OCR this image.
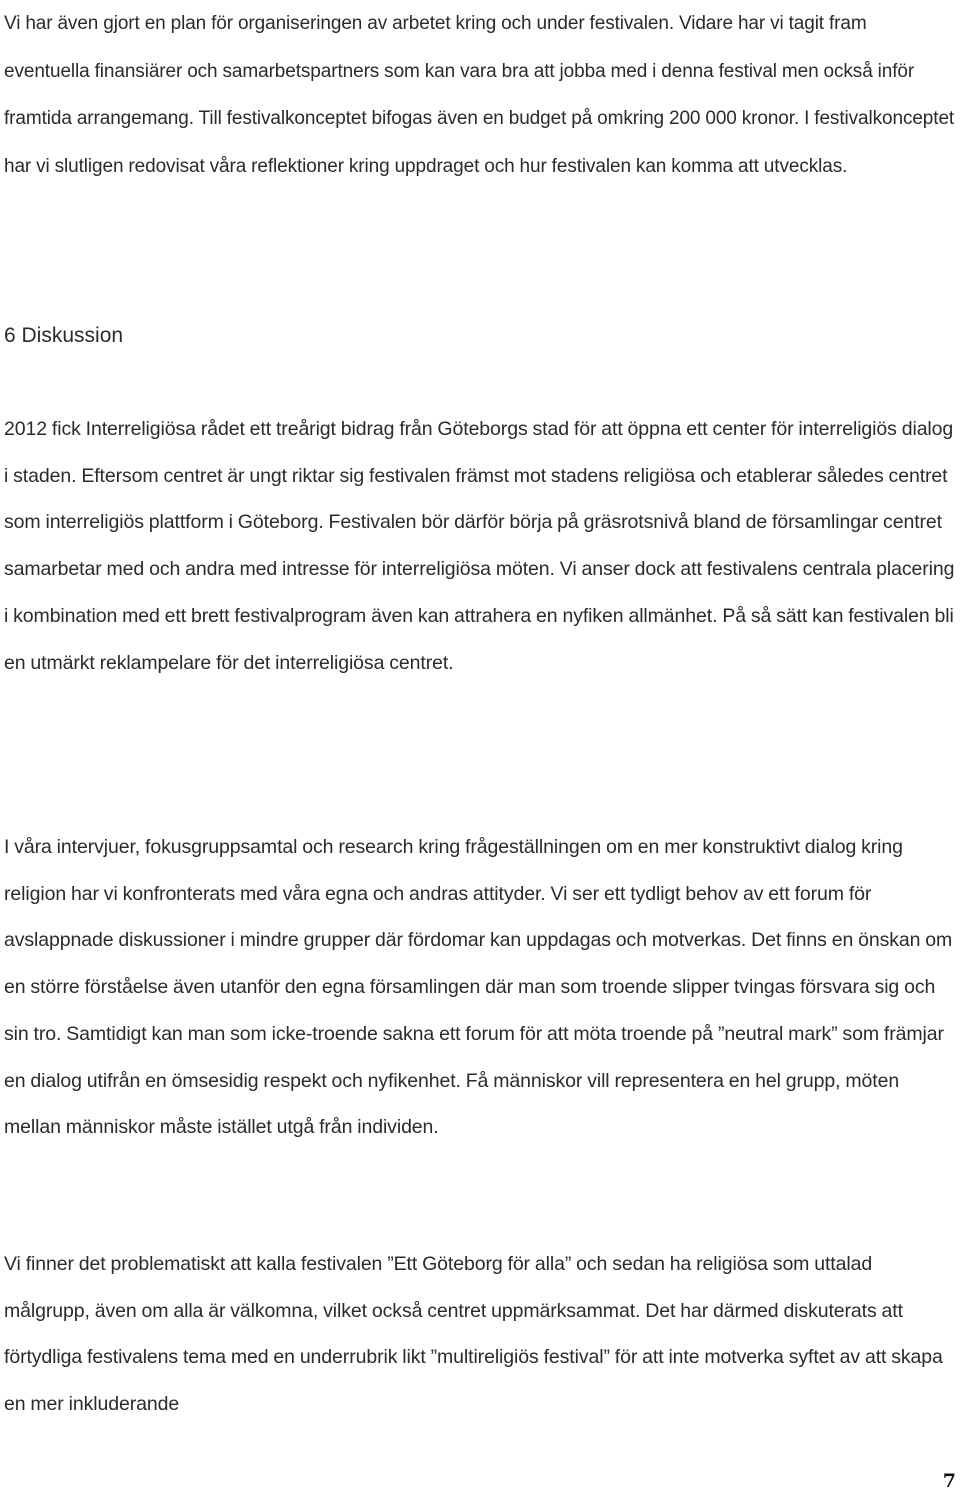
Vi har även gjort en plan för organiseringen av arbetet kring och under festivalen. Vidare har vi tagit fram eventuella finansiärer och samarbetspartners som kan vara bra att jobba med i denna festival men också inför framtida arrangemang. Till festivalkonceptet bifogas även en budget på omkring 200 000 kronor. I festivalkonceptet har vi slutligen redovisat våra reflektioner kring uppdraget och hur festivalen kan komma att utvecklas.

6 Diskussion

2012 fick Interreligiösa rådet ett treårigt bidrag från Göteborgs stad för att öppna ett center för interreligiös dialog i staden. Eftersom centret är ungt riktar sig festivalen främst mot stadens religiösa och etablerar således centret som interreligiös plattform i Göteborg. Festivalen bör därför börja på gräsrotsnivå bland de församlingar centret samarbetar med och andra med intresse för interreligiösa möten. Vi anser dock att festivalens centrala placering i kombination med ett brett festivalprogram även kan attrahera en nyfiken allmänhet. På så sätt kan festivalen bli en utmärkt reklampelare för det interreligiösa centret.

I våra intervjuer, fokusgruppsamtal och research kring frågeställningen om en mer konstruktivt dialog kring religion har vi konfronterats med våra egna och andras attityder. Vi ser ett tydligt behov av ett forum för avslappnade diskussioner i mindre grupper där fördomar kan uppdagas och motverkas. Det finns en önskan om en större förståelse även utanför den egna församlingen där man som troende slipper tvingas försvara sig och sin tro. Samtidigt kan man som icke-troende sakna ett forum för att möta troende på ”neutral mark” som främjar en dialog utifrån en ömsesidig respekt och nyfikenhet. Få människor vill representera en hel grupp, möten mellan människor måste istället utgå från individen.

Vi finner det problematiskt att kalla festivalen ”Ett Göteborg för alla” och sedan ha religiösa som uttalad målgrupp, även om alla är välkomna, vilket också centret uppmärksammat. Det har därmed diskuterats att förtydliga festivalens tema med en underrubrik likt ”multireligiös festival” för att inte motverka syftet av att skapa en mer inkluderande

7
